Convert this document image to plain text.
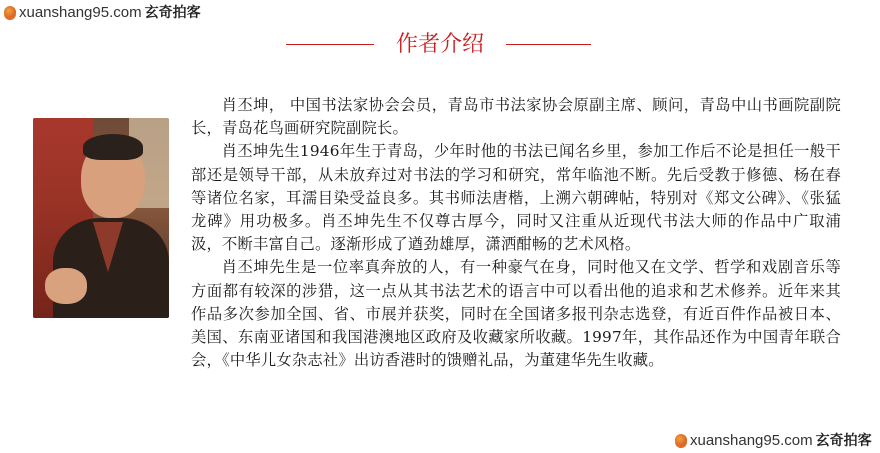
xuanshang95.com 玄奇拍客
作者介绍

肖丕坤， 中国书法家协会会员，青岛市书法家协会原副主席、顾问，青岛中山书画院副院长，青岛花鸟画研究院副院长。

肖丕坤先生1946年生于青岛，少年时他的书法已闻名乡里，参加工作后不论是担任一般干部还是领导干部，从未放弃过对书法的学习和研究，常年临池不断。先后受教于修德、杨在春等诸位名家，耳濡目染受益良多。其书师法唐楷，上溯六朝碑帖，特别对《郑文公碑》、《张猛龙碑》用功极多。肖丕坤先生不仅尊古厚今，同时又注重从近现代书法大师的作品中广取浦汲，不断丰富自己。逐渐形成了遒劲雄厚，潇洒酣畅的艺术风格。

肖丕坤先生是一位率真奔放的人，有一种豪气在身，同时他又在文学、哲学和戏剧音乐等方面都有较深的涉猎，这一点从其书法艺术的语言中可以看出他的追求和艺术修养。近年来其作品多次参加全国、省、市展并获奖，同时在全国诸多报刊杂志选登，有近百件作品被日本、美国、东南亚诸国和我国港澳地区政府及收藏家所收藏。1997年，其作品还作为中国青年联合会，《中华儿女杂志社》出访香港时的馈赠礼品，为董建华先生收藏。

xuanshang95.com 玄奇拍客
